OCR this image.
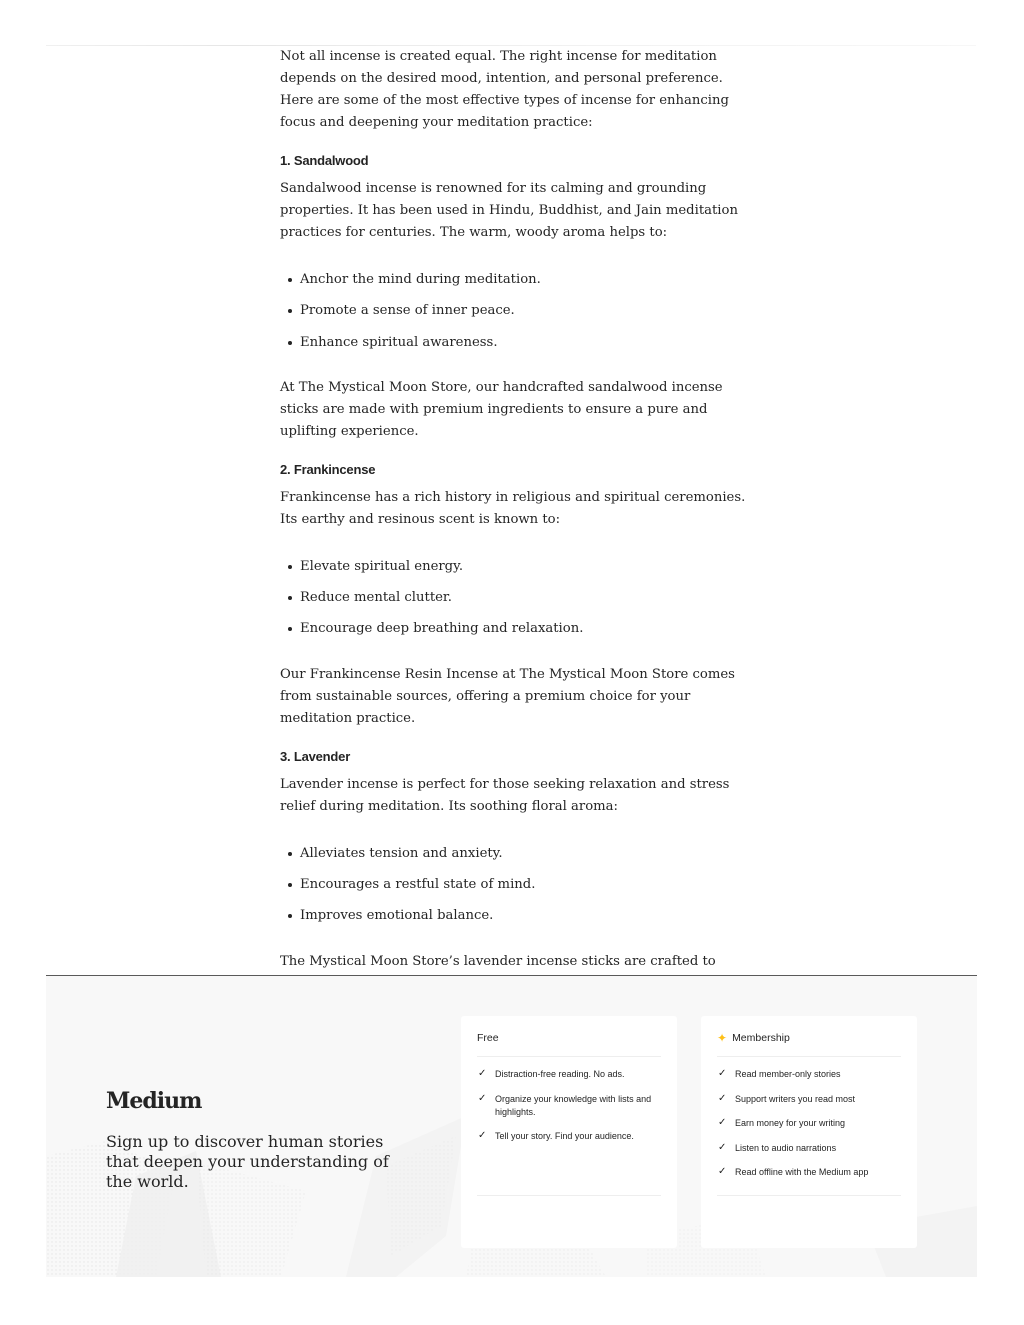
Not all incense is created equal. The right incense for meditation depends on the desired mood, intention, and personal preference. Here are some of the most effective types of incense for enhancing focus and deepening your meditation practice:

1. Sandalwood

Sandalwood incense is renowned for its calming and grounding properties. It has been used in Hindu, Buddhist, and Jain meditation practices for centuries. The warm, woody aroma helps to:

Anchor the mind during meditation.
Promote a sense of inner peace.
Enhance spiritual awareness.

At The Mystical Moon Store, our handcrafted sandalwood incense sticks are made with premium ingredients to ensure a pure and uplifting experience.

2. Frankincense

Frankincense has a rich history in religious and spiritual ceremonies. Its earthy and resinous scent is known to:

Elevate spiritual energy.
Reduce mental clutter.
Encourage deep breathing and relaxation.

Our Frankincense Resin Incense at The Mystical Moon Store comes from sustainable sources, offering a premium choice for your meditation practice.

3. Lavender

Lavender incense is perfect for those seeking relaxation and stress relief during meditation. Its soothing floral aroma:

Alleviates tension and anxiety.
Encourages a restful state of mind.
Improves emotional balance.

The Mystical Moon Store’s lavender incense sticks are crafted to

Medium
Sign up to discover human stories that deepen your understanding of the world.
Free
✓ Distraction-free reading. No ads.
✓ Organize your knowledge with lists and highlights.
✓ Tell your story. Find your audience.
✦ Membership
✓ Read member-only stories
✓ Support writers you read most
✓ Earn money for your writing
✓ Listen to audio narrations
✓ Read offline with the Medium app
